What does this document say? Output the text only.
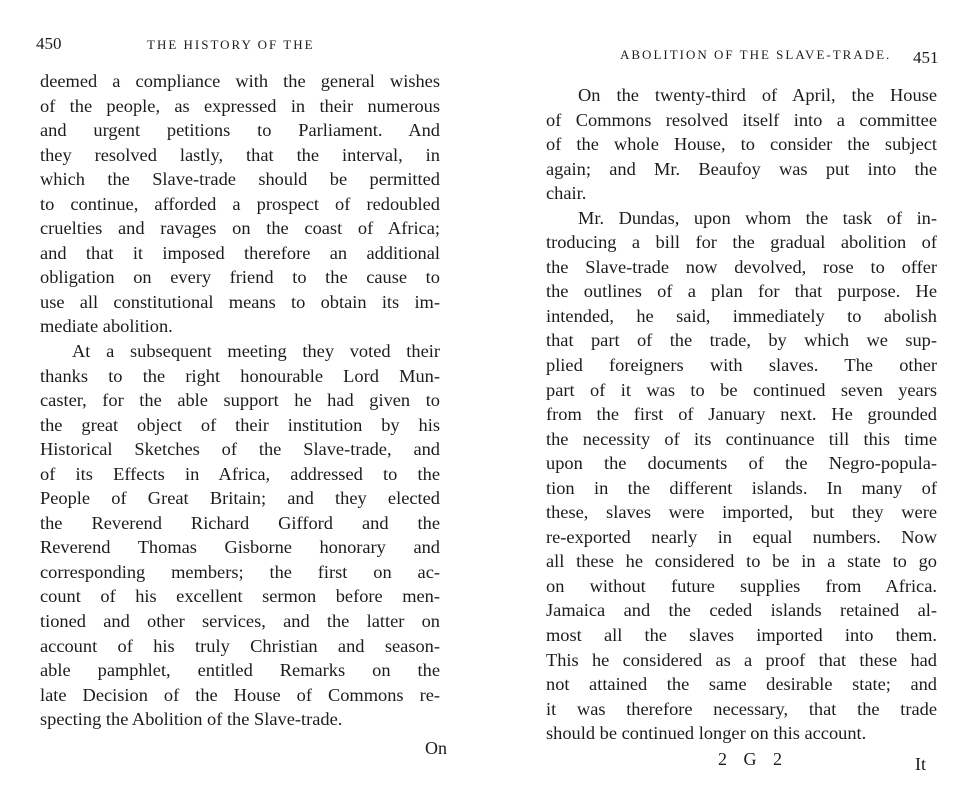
450	THE HISTORY OF THE
deemed a compliance with the general wishes
of the people, as expressed in their numerous
and urgent petitions to Parliament. And
they resolved lastly, that the interval, in
which the Slave-trade should be permitted
to continue, afforded a prospect of redoubled
cruelties and ravages on the coast of Africa;
and that it imposed therefore an additional
obligation on every friend to the cause to
use all constitutional means to obtain its im-
mediate abolition.
At a subsequent meeting they voted their
thanks to the right honourable Lord Mun-
caster, for the able support he had given to
the great object of their institution by his
Historical Sketches of the Slave-trade, and
of its Effects in Africa, addressed to the
People of Great Britain; and they elected
the Reverend Richard Gifford and the
Reverend Thomas Gisborne honorary and
corresponding members; the first on ac-
count of his excellent sermon before men-
tioned and other services, and the latter on
account of his truly Christian and season-
able pamphlet, entitled Remarks on the
late Decision of the House of Commons re-
specting the Abolition of the Slave-trade.
On
ABOLITION OF THE SLAVE-TRADE. 451
On the twenty-third of April, the House
of Commons resolved itself into a committee
of the whole House, to consider the subject
again; and Mr. Beaufoy was put into the
chair.
Mr. Dundas, upon whom the task of in-
troducing a bill for the gradual abolition of
the Slave-trade now devolved, rose to offer
the outlines of a plan for that purpose. He
intended, he said, immediately to abolish
that part of the trade, by which we sup-
plied foreigners with slaves. The other
part of it was to be continued seven years
from the first of January next. He grounded
the necessity of its continuance till this time
upon the documents of the Negro-popula-
tion in the different islands. In many of
these, slaves were imported, but they were
re-exported nearly in equal numbers. Now
all these he considered to be in a state to go
on without future supplies from Africa.
Jamaica and the ceded islands retained al-
most all the slaves imported into them.
This he considered as a proof that these had
not attained the same desirable state; and
it was therefore necessary, that the trade
should be continued longer on this account.
2 G 2	It
